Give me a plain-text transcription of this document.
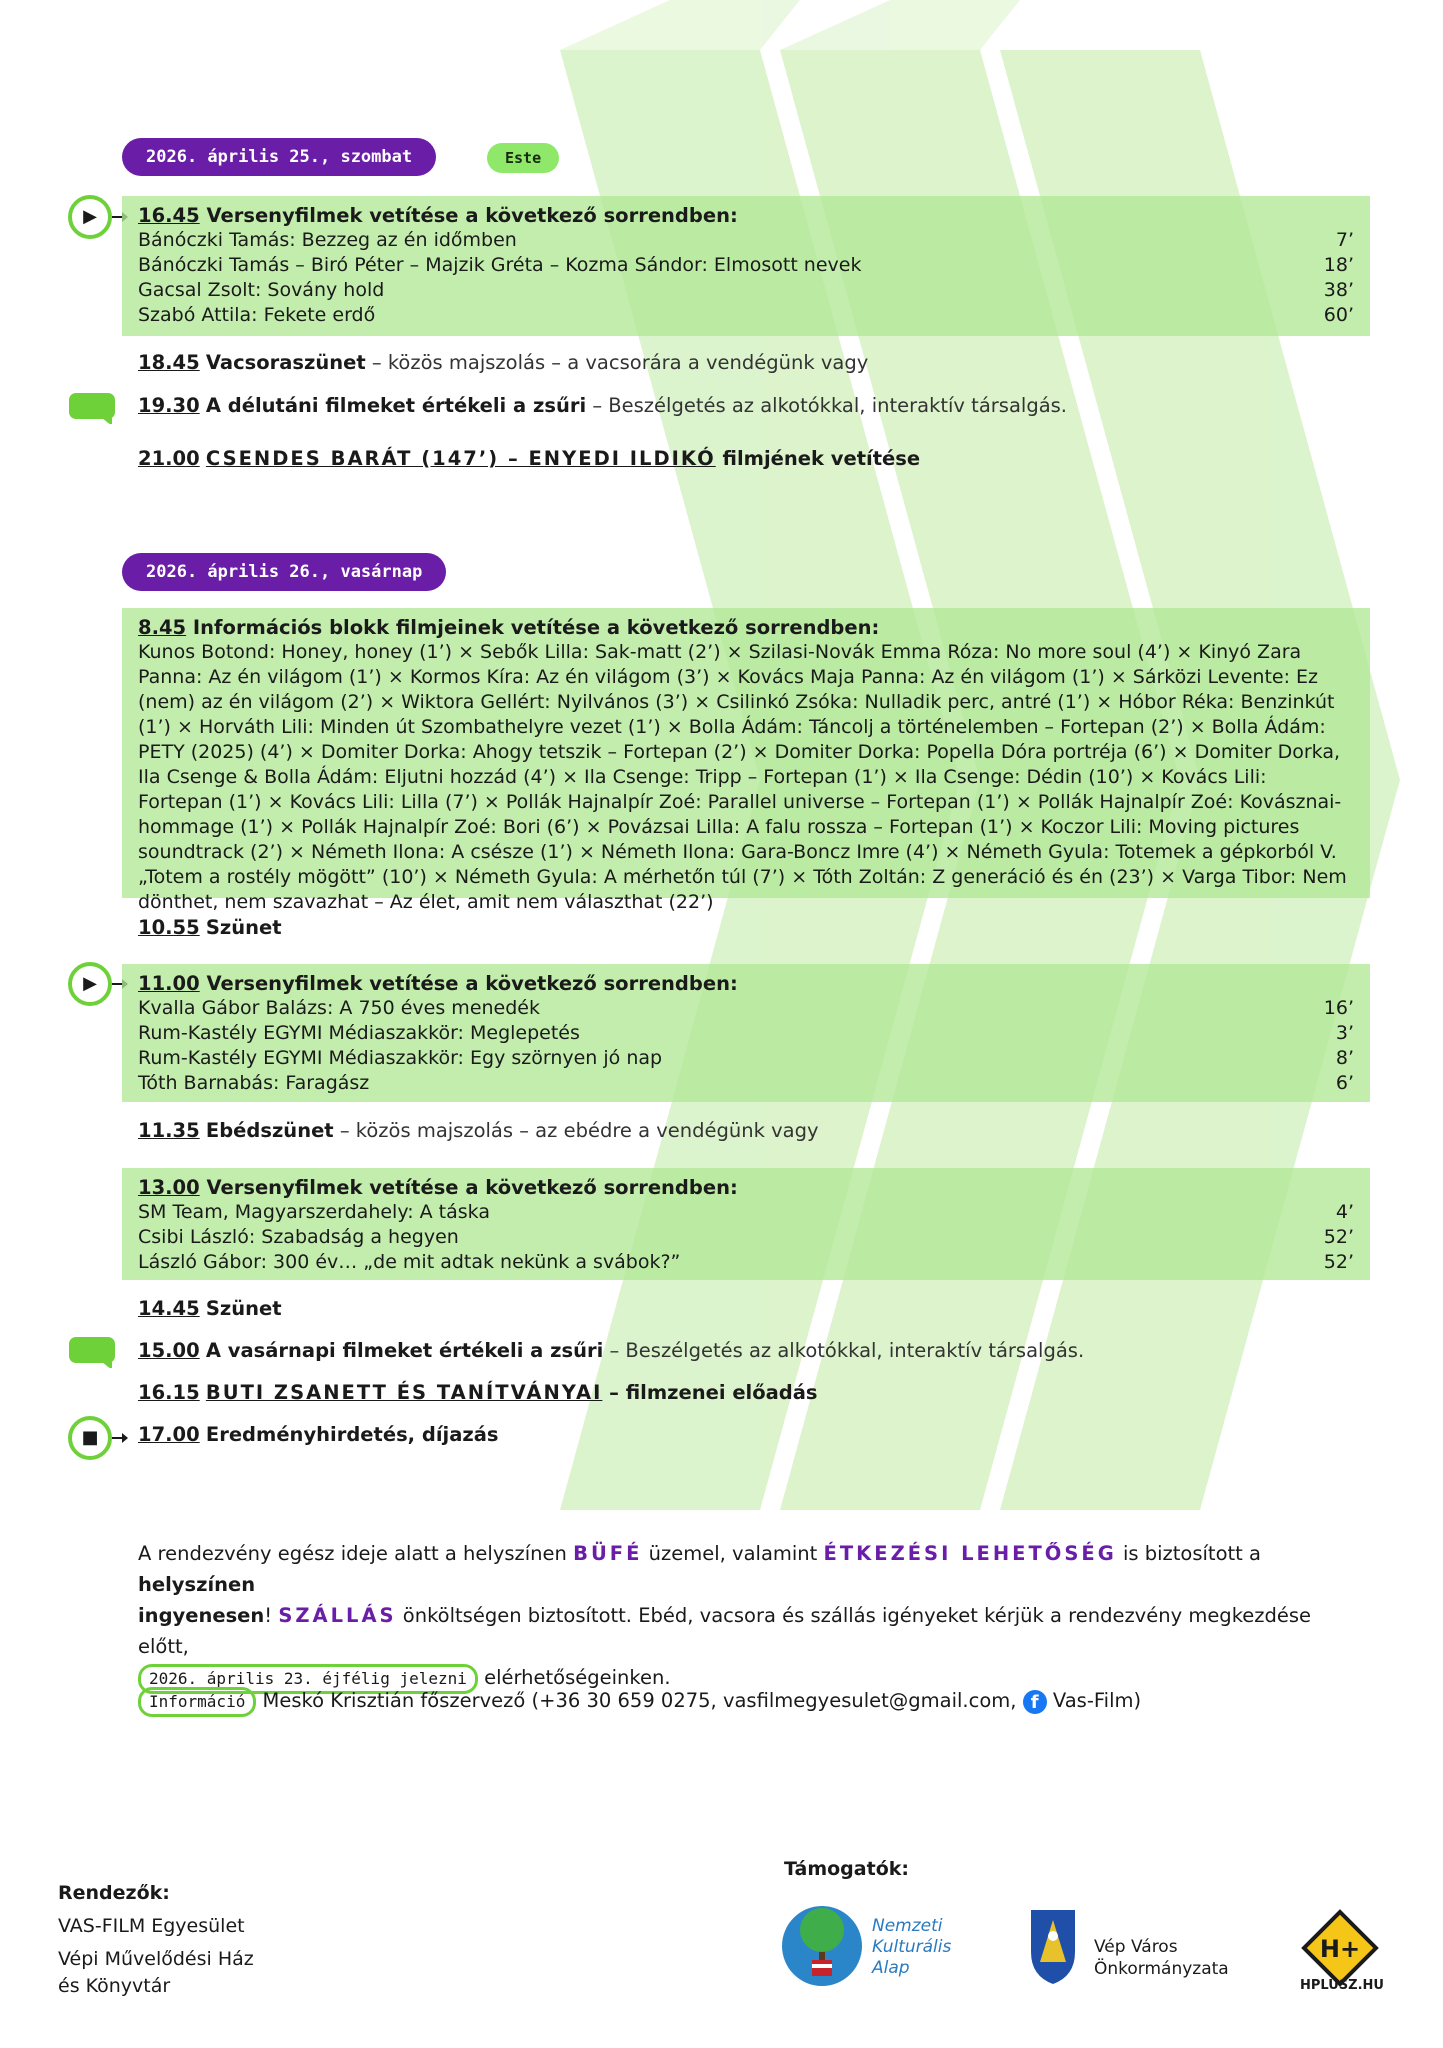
2026. április 25., szombat	Este
▶	16.45 Versenyfilmek vetítése a következő sorrendben:
Bánóczki Tamás: Bezzeg az én időmben	7’
Bánóczki Tamás – Biró Péter – Majzik Gréta – Kozma Sándor: Elmosott nevek	18’
Gacsal Zsolt: Sovány hold	38’
Szabó Attila: Fekete erdő	60’
18.45 Vacsoraszünet – közös majszolás – a vacsorára a vendégünk vagy
19.30 A délutáni filmeket értékeli a zsűri – Beszélgetés az alkotókkal, interaktív társalgás.
21.00 CSENDES BARÁT (147’) – ENYEDI ILDIKÓ filmjének vetítése
2026. április 26., vasárnap
8.45 Információs blokk filmjeinek vetítése a következő sorrendben:
Kunos Botond: Honey, honey (1’) × Sebők Lilla: Sak-matt (2’) × Szilasi-Novák Emma Róza: No more soul (4’) × Kinyó Zara Panna: Az én világom (1’) × Kormos Kíra: Az én világom (3’) × Kovács Maja Panna: Az én világom (1’) × Sárközi Levente: Ez (nem) az én világom (2’) × Wiktora Gellért: Nyilvános (3’) × Csilinkó Zsóka: Nulladik perc, antré (1’) × Hóbor Réka: Benzinkút (1’) × Horváth Lili: Minden út Szombathelyre vezet (1’) × Bolla Ádám: Táncolj a történelemben – Fortepan (2’) × Bolla Ádám: PETY (2025) (4’) × Domiter Dorka: Ahogy tetszik – Fortepan (2’) × Domiter Dorka: Popella Dóra portréja (6’) × Domiter Dorka, Ila Csenge & Bolla Ádám: Eljutni hozzád (4’) × Ila Csenge: Tripp – Fortepan (1’) × Ila Csenge: Dédin (10’) × Kovács Lili: Fortepan (1’) × Kovács Lili: Lilla (7’) × Pollák Hajnalpír Zoé: Parallel universe – Fortepan (1’) × Pollák Hajnalpír Zoé: Kovásznai-hommage (1’) × Pollák Hajnalpír Zoé: Bori (6’) × Povázsai Lilla: A falu rossza – Fortepan (1’) × Koczor Lili: Moving pictures soundtrack (2’) × Németh Ilona: A csésze (1’) × Németh Ilona: Gara-Boncz Imre (4’) × Németh Gyula: Totemek a gépkorból V. „Totem a rostély mögött” (10’) × Németh Gyula: A mérhetőn túl (7’) × Tóth Zoltán: Z generáció és én (23’) × Varga Tibor: Nem dönthet, nem szavazhat – Az élet, amit nem választhat (22’)
10.55 Szünet
▶	11.00 Versenyfilmek vetítése a következő sorrendben:
Kvalla Gábor Balázs: A 750 éves menedék	16’
Rum-Kastély EGYMI Médiaszakkör: Meglepetés	3’
Rum-Kastély EGYMI Médiaszakkör: Egy szörnyen jó nap	8’
Tóth Barnabás: Faragász	6’
11.35 Ebédszünet – közös majszolás – az ebédre a vendégünk vagy
13.00 Versenyfilmek vetítése a következő sorrendben:
SM Team, Magyarszerdahely: A táska	4’
Csibi László: Szabadság a hegyen	52’
László Gábor: 300 év… „de mit adtak nekünk a svábok?”	52’
14.45 Szünet
15.00 A vasárnapi filmeket értékeli a zsűri – Beszélgetés az alkotókkal, interaktív társalgás.
16.15 BUTI ZSANETT ÉS TANÍTVÁNYAI – filmzenei előadás
■	17.00 Eredményhirdetés, díjazás
A rendezvény egész ideje alatt a helyszínen BÜFÉ üzemel, valamint ÉTKEZÉSI LEHETŐSÉG is biztosított a helyszínen
ingyenesen! SZÁLLÁS önköltségen biztosított. Ebéd, vacsora és szállás igényeket kérjük a rendezvény megkezdése előtt,
2026. április 23. éjfélig jelezni elérhetőségeinken.
Információ Meskó Krisztián főszervező (+36 30 659 0275, vasfilmegyesulet@gmail.com, f Vas-Film)
Rendezők:
VAS-FILM Egyesület
Vépi Művelődési Ház
és Könyvtár
Támogatók:
Nemzeti
Kulturális
Alap
Vép Város
Önkormányzata
H+
HPLUSZ.HU
